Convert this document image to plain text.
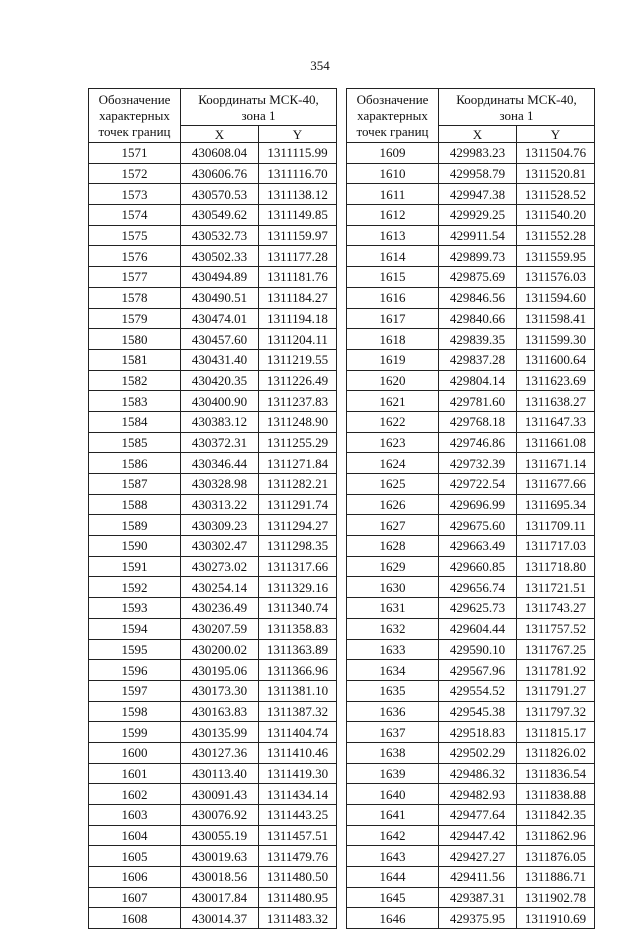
354
Обозначение
характерных
точек границ	Координаты МСК-40,
зона 1	
	X	Y
1571	430608.04	1311115.99
1572	430606.76	1311116.70
1573	430570.53	1311138.12
1574	430549.62	1311149.85
1575	430532.73	1311159.97
1576	430502.33	1311177.28
1577	430494.89	1311181.76
1578	430490.51	1311184.27
1579	430474.01	1311194.18
1580	430457.60	1311204.11
1581	430431.40	1311219.55
1582	430420.35	1311226.49
1583	430400.90	1311237.83
1584	430383.12	1311248.90
1585	430372.31	1311255.29
1586	430346.44	1311271.84
1587	430328.98	1311282.21
1588	430313.22	1311291.74
1589	430309.23	1311294.27
1590	430302.47	1311298.35
1591	430273.02	1311317.66
1592	430254.14	1311329.16
1593	430236.49	1311340.74
1594	430207.59	1311358.83
1595	430200.02	1311363.89
1596	430195.06	1311366.96
1597	430173.30	1311381.10
1598	430163.83	1311387.32
1599	430135.99	1311404.74
1600	430127.36	1311410.46
1601	430113.40	1311419.30
1602	430091.43	1311434.14
1603	430076.92	1311443.25
1604	430055.19	1311457.51
1605	430019.63	1311479.76
1606	430018.56	1311480.50
1607	430017.84	1311480.95
1608	430014.37	1311483.32
Обозначение
характерных
точек границ	Координаты МСК-40,
зона 1	
	X	Y
1609	429983.23	1311504.76
1610	429958.79	1311520.81
1611	429947.38	1311528.52
1612	429929.25	1311540.20
1613	429911.54	1311552.28
1614	429899.73	1311559.95
1615	429875.69	1311576.03
1616	429846.56	1311594.60
1617	429840.66	1311598.41
1618	429839.35	1311599.30
1619	429837.28	1311600.64
1620	429804.14	1311623.69
1621	429781.60	1311638.27
1622	429768.18	1311647.33
1623	429746.86	1311661.08
1624	429732.39	1311671.14
1625	429722.54	1311677.66
1626	429696.99	1311695.34
1627	429675.60	1311709.11
1628	429663.49	1311717.03
1629	429660.85	1311718.80
1630	429656.74	1311721.51
1631	429625.73	1311743.27
1632	429604.44	1311757.52
1633	429590.10	1311767.25
1634	429567.96	1311781.92
1635	429554.52	1311791.27
1636	429545.38	1311797.32
1637	429518.83	1311815.17
1638	429502.29	1311826.02
1639	429486.32	1311836.54
1640	429482.93	1311838.88
1641	429477.64	1311842.35
1642	429447.42	1311862.96
1643	429427.27	1311876.05
1644	429411.56	1311886.71
1645	429387.31	1311902.78
1646	429375.95	1311910.69
